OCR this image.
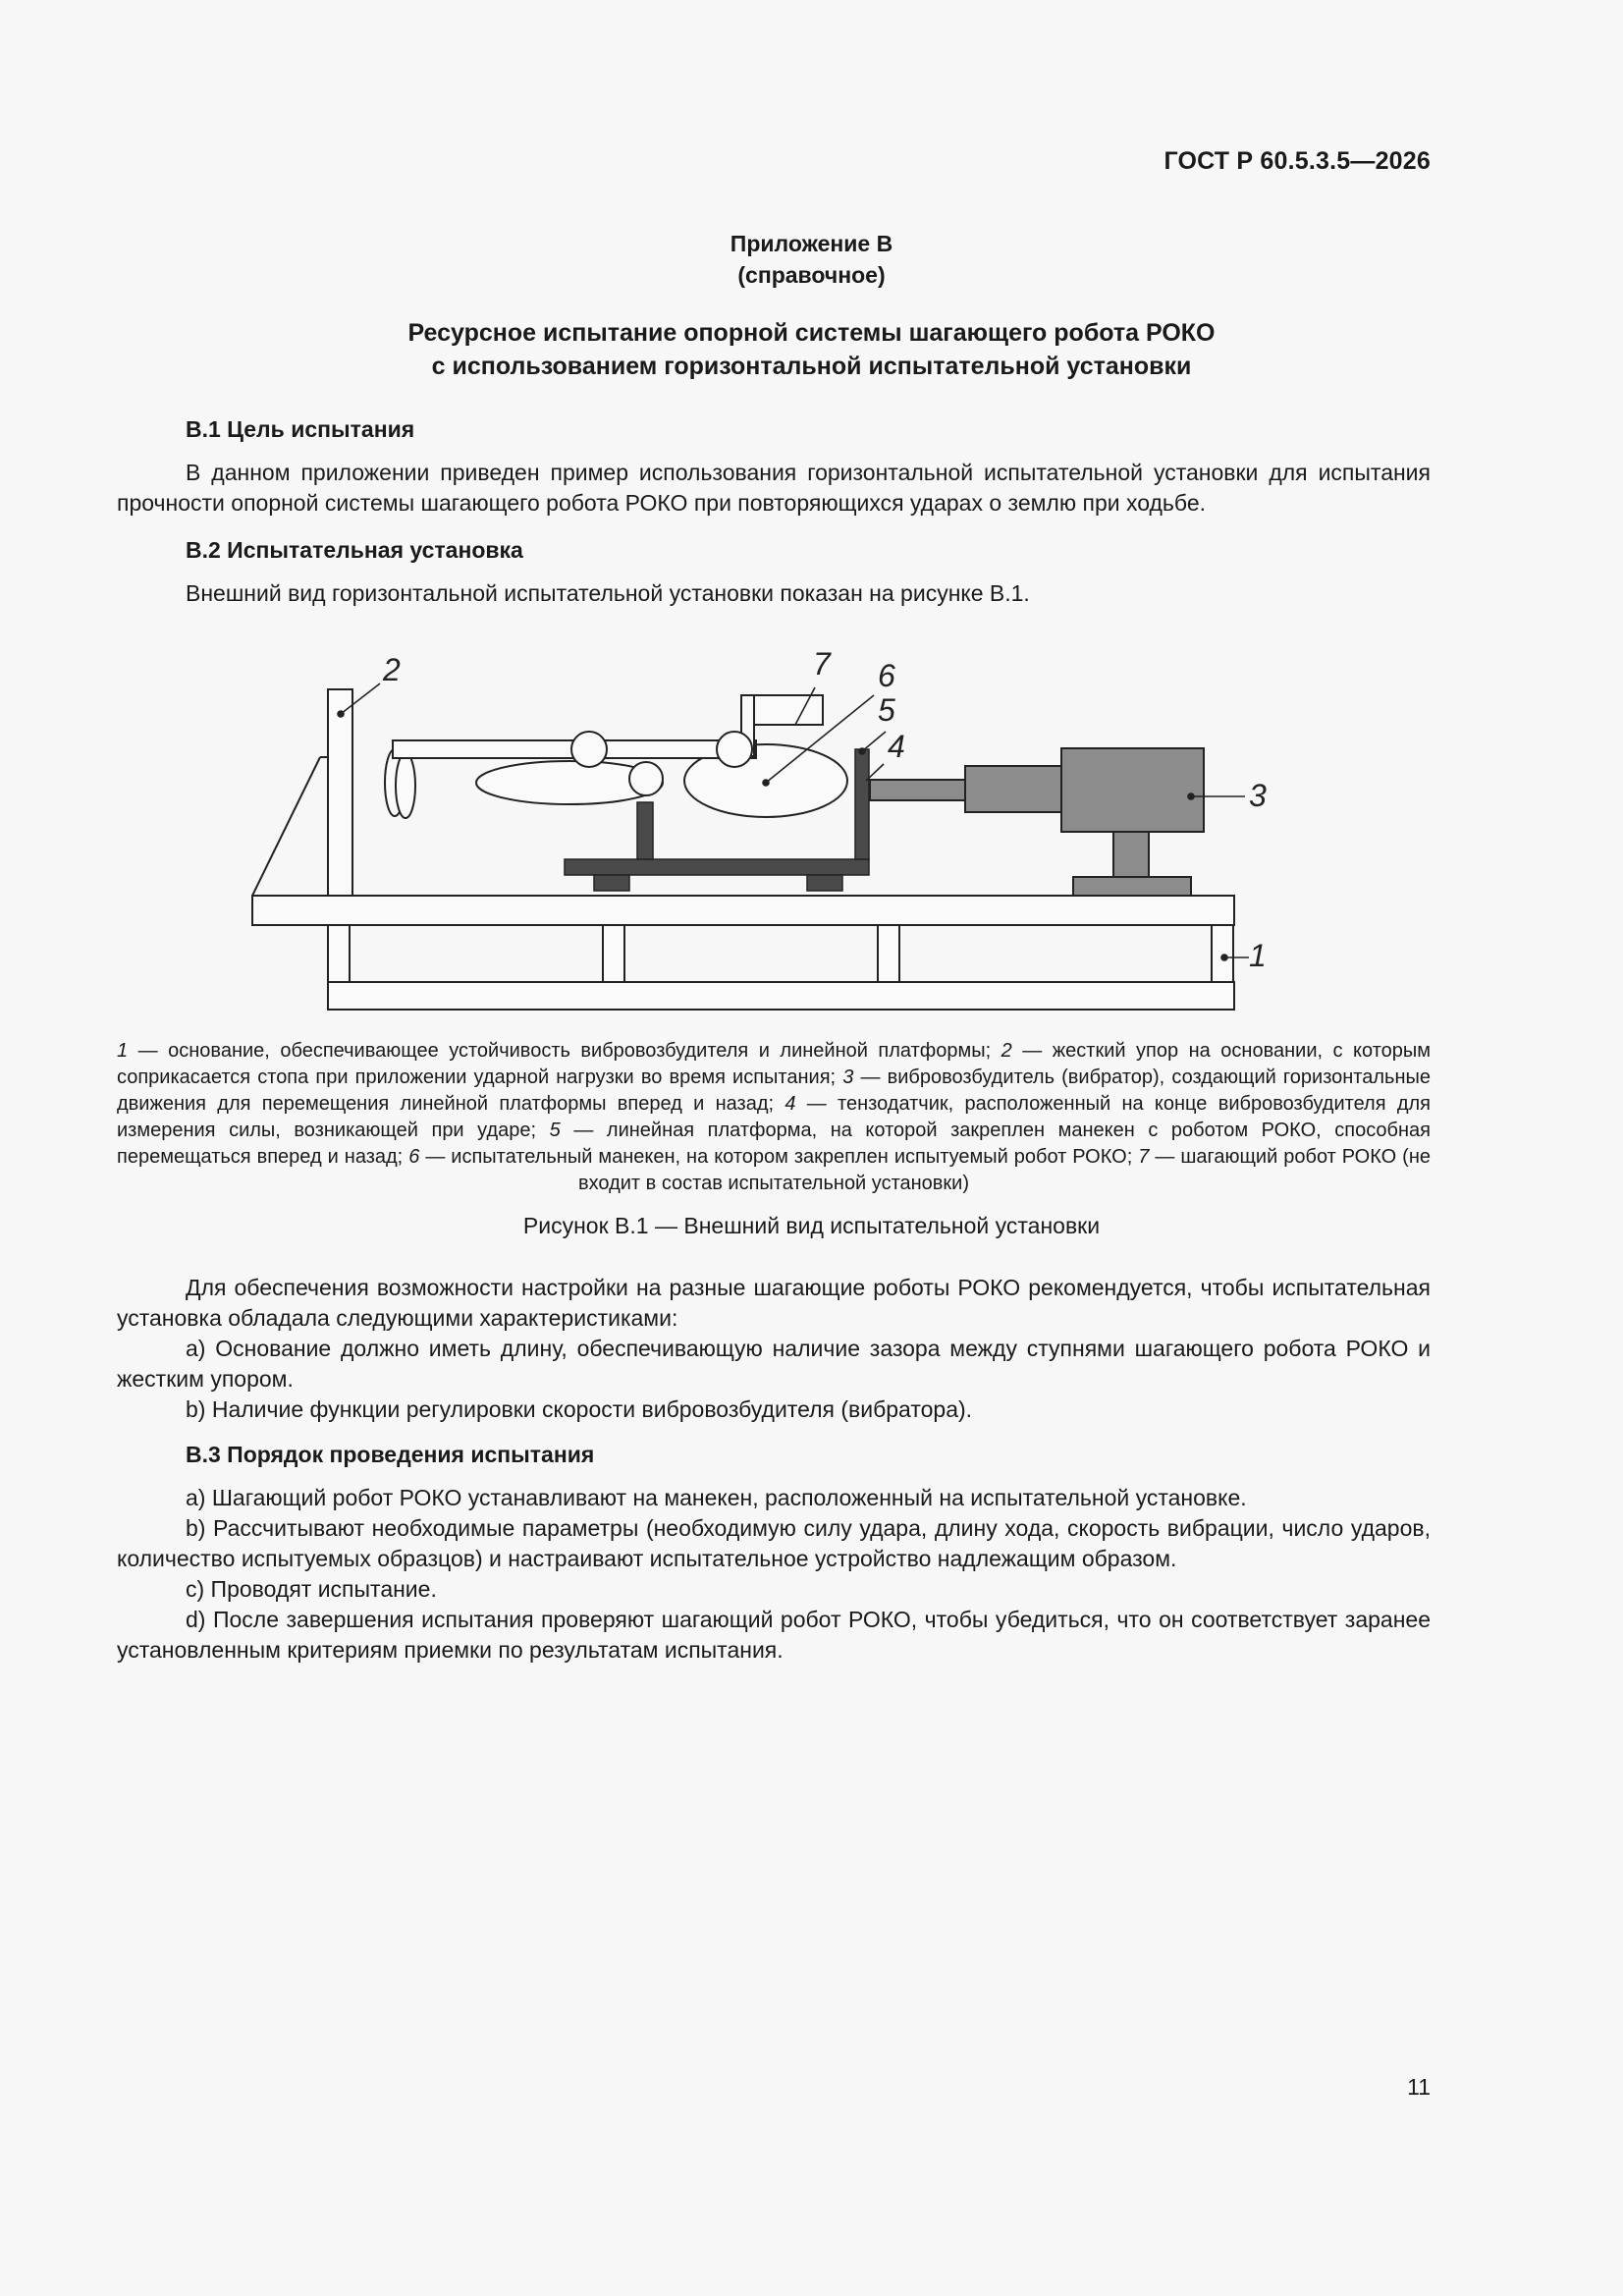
ГОСТ Р 60.5.3.5—2026
Приложение В
(справочное)
Ресурсное испытание опорной системы шагающего робота РОКО
с использованием горизонтальной испытательной установки
В.1 Цель испытания

В данном приложении приведен пример использования горизонтальной испытательной установки для испытания прочности опорной системы шагающего робота РОКО при повторяющихся ударах о землю при ходьбе.

В.2 Испытательная установка

Внешний вид горизонтальной испытательной установки показан на рисунке В.1.

1
2
3
4
5
6
7
1 — основание, обеспечивающее устойчивость вибровозбудителя и линейной платформы; 2 — жесткий упор на основании, с которым соприкасается стопа при приложении ударной нагрузки во время испытания; 3 — вибровозбудитель (вибратор), создающий горизонтальные движения для перемещения линейной платформы вперед и назад; 4 — тензодатчик, расположенный на конце вибровозбудителя для измерения силы, возникающей при ударе; 5 — линейная платформа, на которой закреплен манекен с роботом РОКО, способная перемещаться вперед и назад; 6 — испытательный манекен, на котором закреплен испытуемый робот РОКО; 7 — шагающий робот РОКО (не входит в состав испытательной установки)
Рисунок В.1 — Внешний вид испытательной установки

Для обеспечения возможности настройки на разные шагающие роботы РОКО рекомендуется, чтобы испытательная установка обладала следующими характеристиками:

a) Основание должно иметь длину, обеспечивающую наличие зазора между ступнями шагающего робота РОКО и жестким упором.

b) Наличие функции регулировки скорости вибровозбудителя (вибратора).

В.3 Порядок проведения испытания

a) Шагающий робот РОКО устанавливают на манекен, расположенный на испытательной установке.

b) Рассчитывают необходимые параметры (необходимую силу удара, длину хода, скорость вибрации, число ударов, количество испытуемых образцов) и настраивают испытательное устройство надлежащим образом.

c) Проводят испытание.

d) После завершения испытания проверяют шагающий робот РОКО, чтобы убедиться, что он соответствует заранее установленным критериям приемки по результатам испытания.

11
